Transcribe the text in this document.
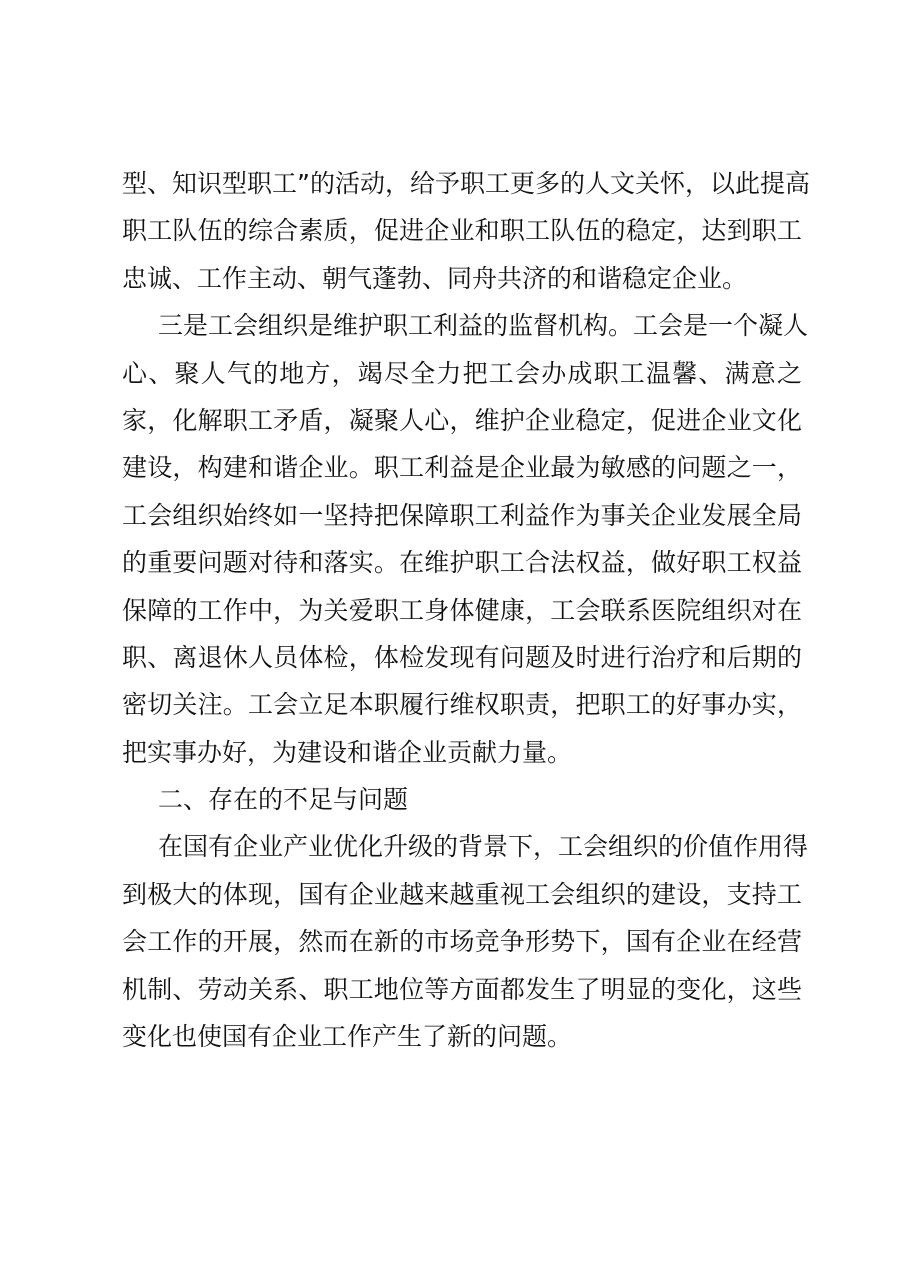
型、知识型职工”的活动，给予职工更多的人文关怀，以此提高

职工队伍的综合素质，促进企业和职工队伍的稳定，达到职工

忠诚、工作主动、朝气蓬勃、同舟共济的和谐稳定企业。

三是工会组织是维护职工利益的监督机构。工会是一个凝人

心、聚人气的地方，竭尽全力把工会办成职工温馨、满意之

家，化解职工矛盾，凝聚人心，维护企业稳定，促进企业文化

建设，构建和谐企业。职工利益是企业最为敏感的问题之一，

工会组织始终如一坚持把保障职工利益作为事关企业发展全局

的重要问题对待和落实。在维护职工合法权益，做好职工权益

保障的工作中，为关爱职工身体健康，工会联系医院组织对在

职、离退休人员体检，体检发现有问题及时进行治疗和后期的

密切关注。工会立足本职履行维权职责，把职工的好事办实，

把实事办好，为建设和谐企业贡献力量。

二、存在的不足与问题

在国有企业产业优化升级的背景下，工会组织的价值作用得

到极大的体现，国有企业越来越重视工会组织的建设，支持工

会工作的开展，然而在新的市场竞争形势下，国有企业在经营

机制、劳动关系、职工地位等方面都发生了明显的变化，这些

变化也使国有企业工作产生了新的问题。
